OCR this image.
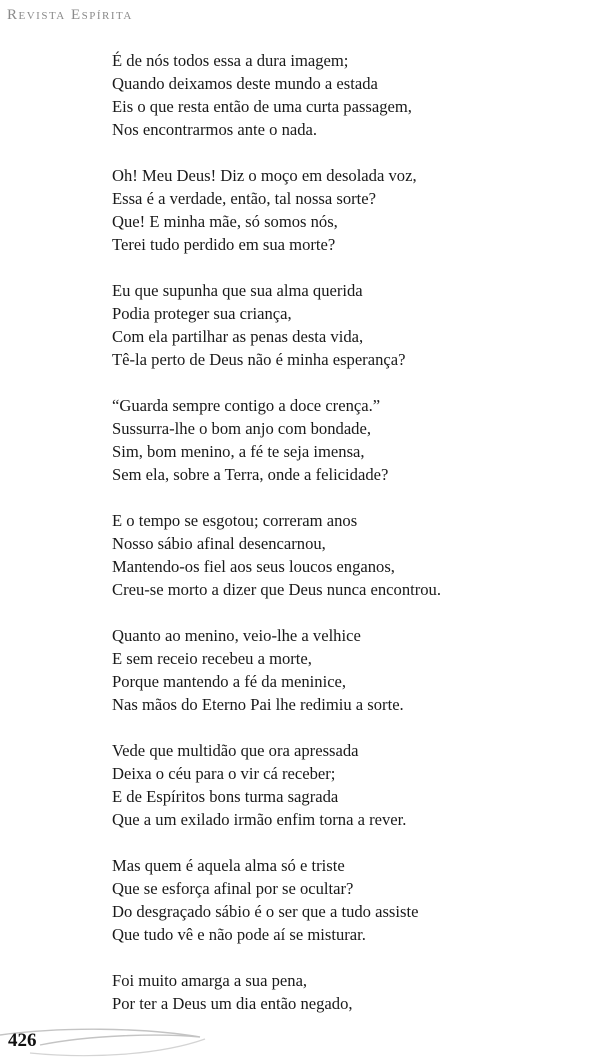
Revista Espírita
É de nós todos essa a dura imagem;
Quando deixamos deste mundo a estada
Eis o que resta então de uma curta passagem,
Nos encontrarmos ante o nada.
Oh! Meu Deus! Diz o moço em desolada voz,
Essa é a verdade, então, tal nossa sorte?
Que! E minha mãe, só somos nós,
Terei tudo perdido em sua morte?
Eu que supunha que sua alma querida
Podia proteger sua criança,
Com ela partilhar as penas desta vida,
Tê-la perto de Deus não é minha esperança?
“Guarda sempre contigo a doce crença.”
Sussurra-lhe o bom anjo com bondade,
Sim, bom menino, a fé te seja imensa,
Sem ela, sobre a Terra, onde a felicidade?
E o tempo se esgotou; correram anos
Nosso sábio afinal desencarnou,
Mantendo-os fiel aos seus loucos enganos,
Creu-se morto a dizer que Deus nunca encontrou.
Quanto ao menino, veio-lhe a velhice
E sem receio recebeu a morte,
Porque mantendo a fé da meninice,
Nas mãos do Eterno Pai lhe redimiu a sorte.
Vede que multidão que ora apressada
Deixa o céu para o vir cá receber;
E de Espíritos bons turma sagrada
Que a um exilado irmão enfim torna a rever.
Mas quem é aquela alma só e triste
Que se esforça afinal por se ocultar?
Do desgraçado sábio é o ser que a tudo assiste
Que tudo vê e não pode aí se misturar.
Foi muito amarga a sua pena,
Por ter a Deus um dia então negado,
426
